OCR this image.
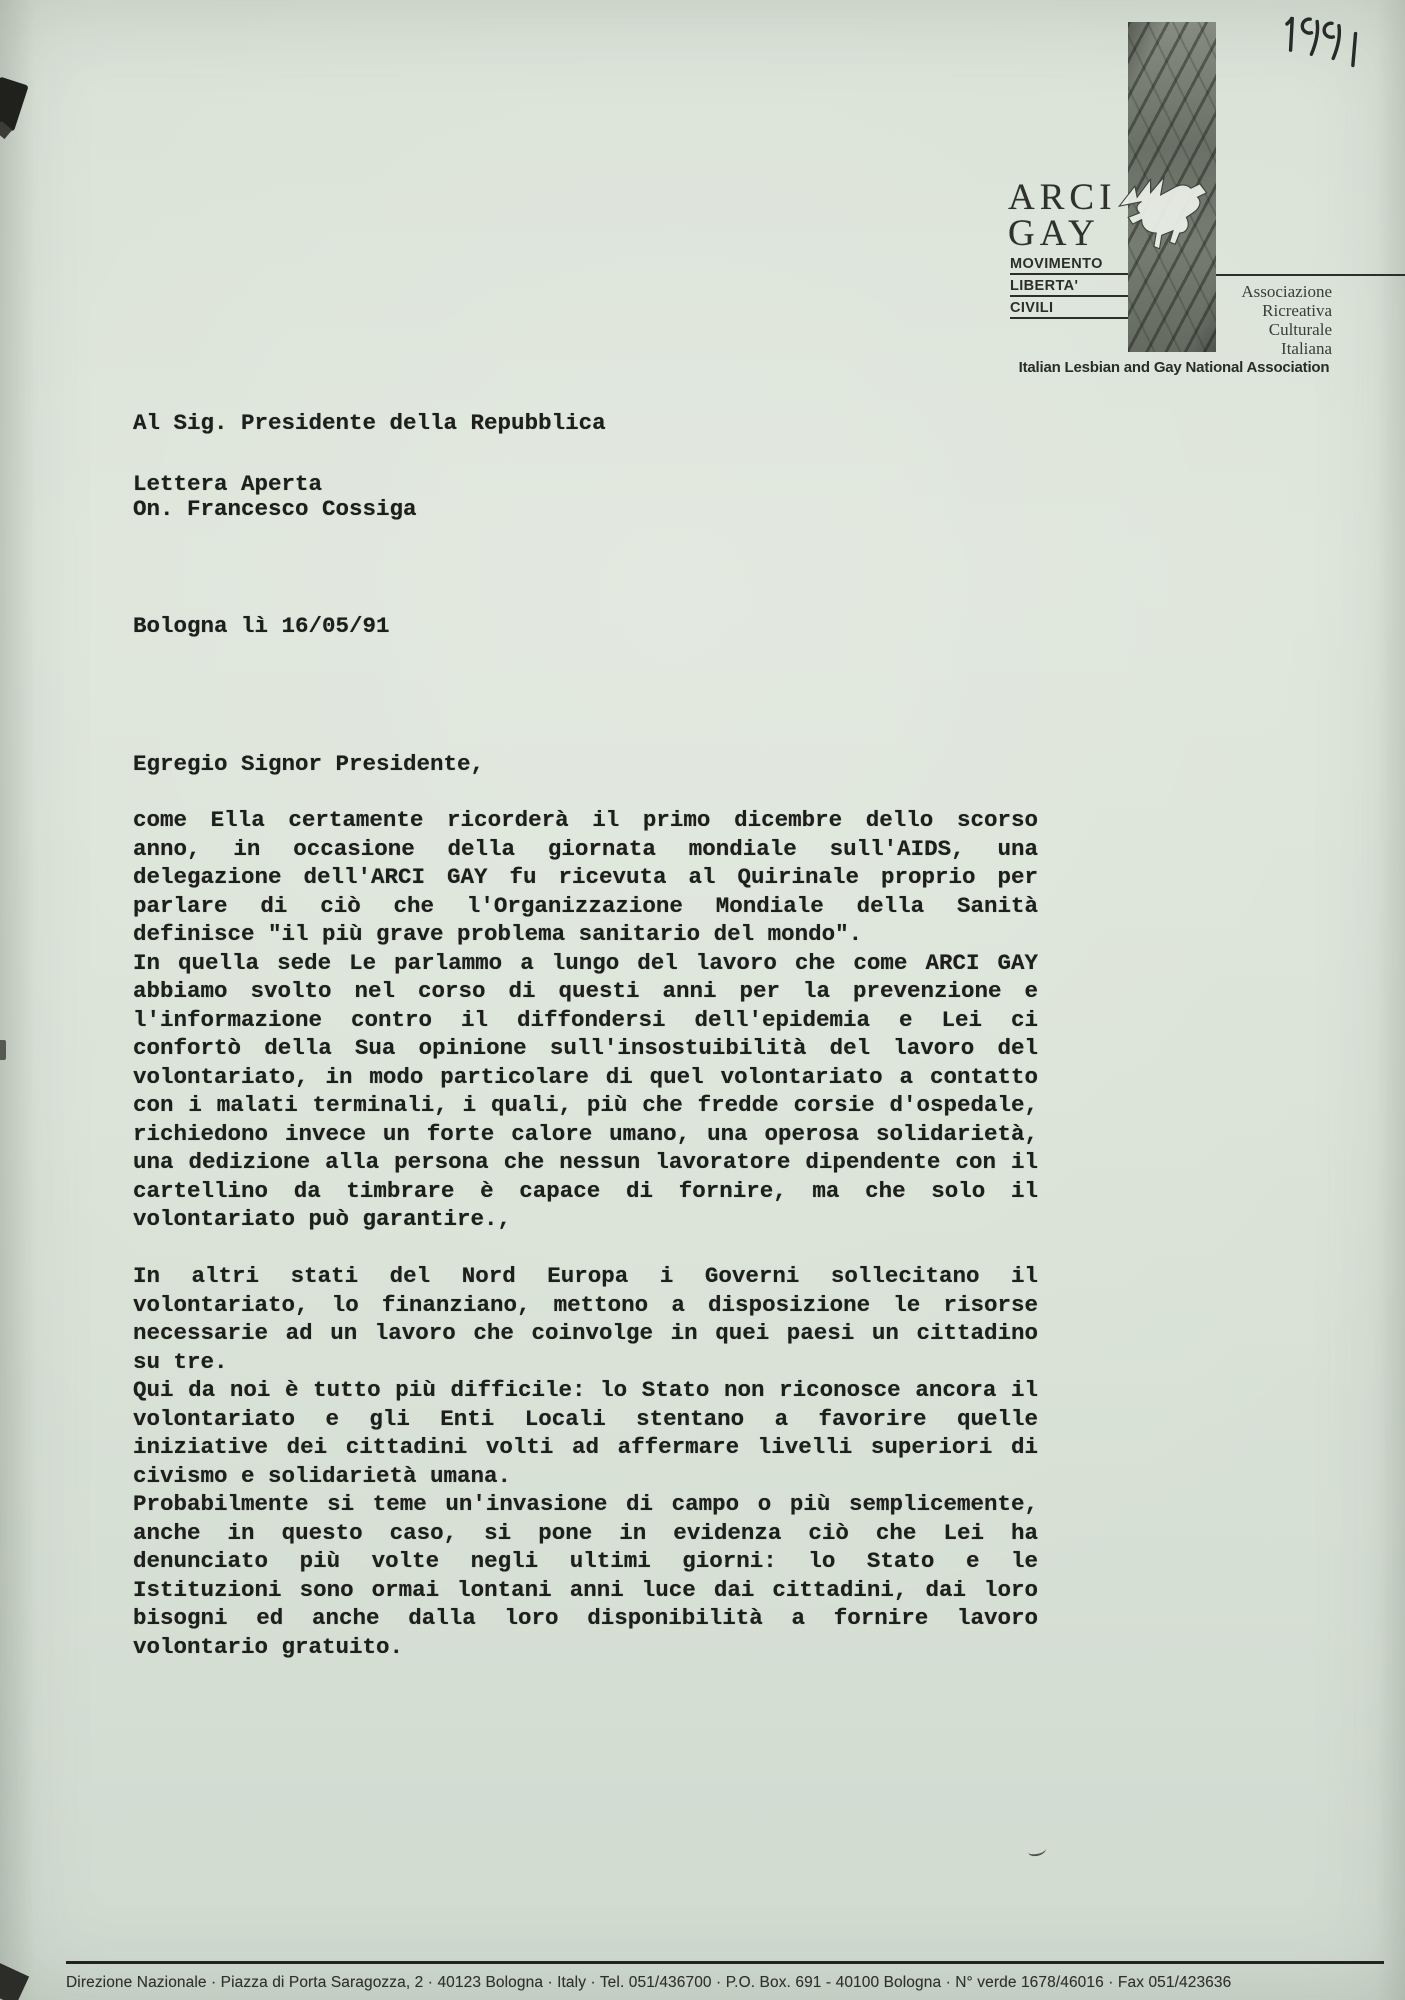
ARCI
GAY
MOVIMENTO
LIBERTA'
CIVILI
Associazione
Ricreativa
Culturale
Italiana
Italian Lesbian and Gay National Association

Al Sig. Presidente della Repubblica

On. Francesco Cossiga

Lettera Aperta
Bologna lì 16/05/91
Egregio Signor Presidente,
come Ella certamente ricorderà il primo dicembre dello scorso
anno, in occasione della giornata mondiale sull'AIDS, una
delegazione dell'ARCI GAY fu ricevuta al Quirinale proprio per
parlare di ciò che l'Organizzazione Mondiale della Sanità
definisce "il più grave problema sanitario del mondo".
In quella sede Le parlammo a lungo del lavoro che come ARCI GAY
abbiamo svolto nel corso di questi anni per la prevenzione e
l'informazione contro il diffondersi dell'epidemia e Lei ci
confortò della Sua opinione sull'insostuibilità del lavoro del
volontariato, in modo particolare di quel volontariato a contatto
con i malati terminali, i quali, più che fredde corsie d'ospedale,
richiedono invece un forte calore umano, una operosa solidarietà,
una dedizione alla persona che nessun lavoratore dipendente con il
cartellino da timbrare è capace di fornire, ma che solo il
volontariato può garantire.,
In altri stati del Nord Europa i Governi sollecitano il
volontariato, lo finanziano, mettono a disposizione le risorse
necessarie ad un lavoro che coinvolge in quei paesi un cittadino
su tre.
Qui da noi è tutto più difficile: lo Stato non riconosce ancora il
volontariato e gli Enti Locali stentano a favorire quelle
iniziative dei cittadini volti ad affermare livelli superiori di
civismo e solidarietà umana.
Probabilmente si teme un'invasione di campo o più semplicemente,
anche in questo caso, si pone in evidenza ciò che Lei ha
denunciato più volte negli ultimi giorni: lo Stato e le
Istituzioni sono ormai lontani anni luce dai cittadini, dai loro
bisogni ed anche dalla loro disponibilità a fornire lavoro
volontario gratuito.
Direzione Nazionale · Piazza di Porta Saragozza, 2 · 40123 Bologna · Italy · Tel. 051/436700 · P.O. Box. 691 - 40100 Bologna · N° verde 1678/46016 · Fax 051/423636
